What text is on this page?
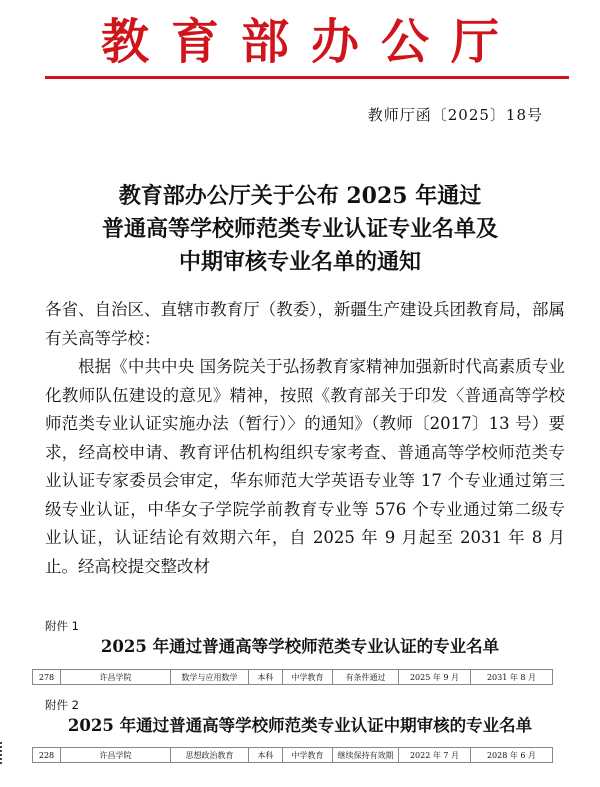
教育部办公厅
教师厅函〔2025〕18号
教育部办公厅关于公布 2025 年通过
普通高等学校师范类专业认证专业名单及
中期审核专业名单的通知

各省、自治区、直辖市教育厅（教委），新疆生产建设兵团教育局，部属有关高等学校：

根据《中共中央 国务院关于弘扬教育家精神加强新时代高素质专业化教师队伍建设的意见》精神，按照《教育部关于印发〈普通高等学校师范类专业认证实施办法（暂行）〉的通知》（教师〔2017〕13 号）要求，经高校申请、教育评估机构组织专家考查、普通高等学校师范类专业认证专家委员会审定，华东师范大学英语专业等 17 个专业通过第三级专业认证，中华女子学院学前教育专业等 576 个专业通过第二级专业认证，认证结论有效期六年，自 2025 年 9 月起至 2031 年 8 月止。经高校提交整改材

附件 1
2025 年通过普通高等学校师范类专业认证的专业名单
278	许昌学院	数学与应用数学	本科	中学教育	有条件通过	2025 年 9 月	2031 年 8 月
附件 2
2025 年通过普通高等学校师范类专业认证中期审核的专业名单
228	许昌学院	思想政治教育	本科	中学教育	继续保持有效期	2022 年 7 月	2028 年 6 月
